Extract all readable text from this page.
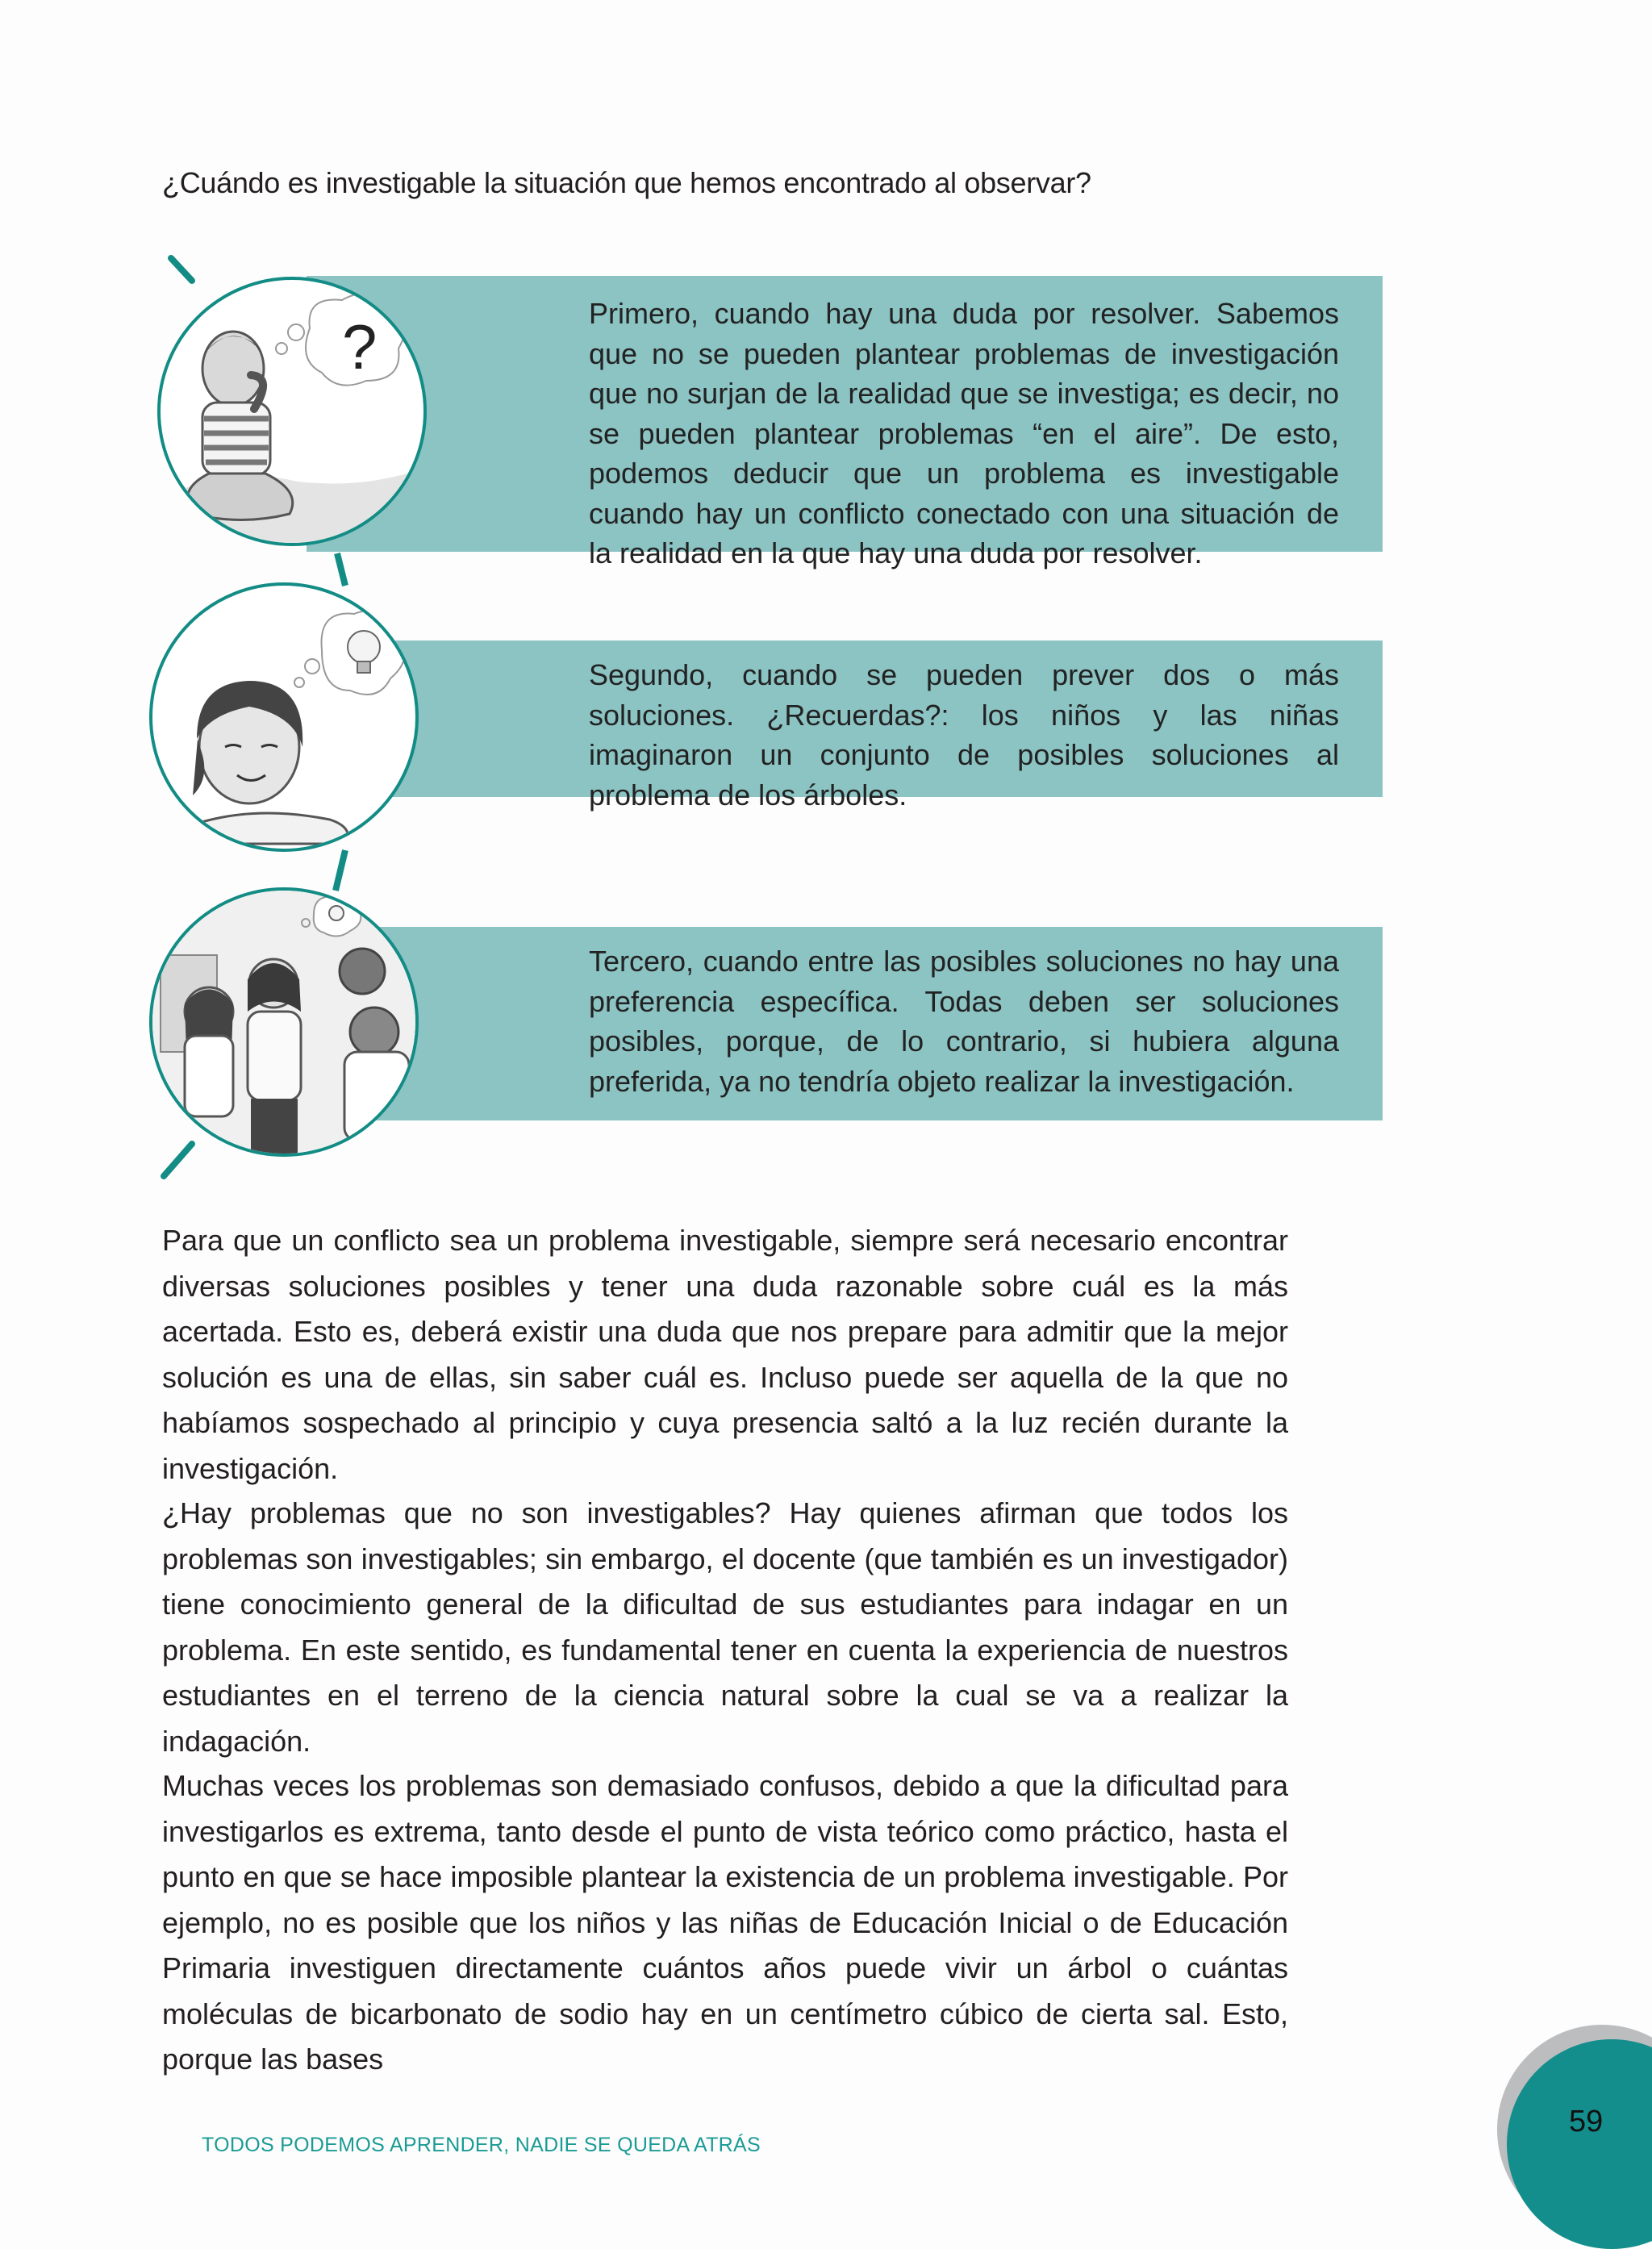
¿Cuándo es investigable la situación que hemos encontrado al observar?
Primero, cuando hay una duda por resolver. Sabemos que no se pueden plantear problemas de investigación que no surjan de la realidad que se investiga; es decir, no se pueden plantear problemas “en el aire”. De esto, podemos deducir que un problema es investigable cuando hay un conflicto conectado con una situación de la realidad en la que hay una duda por resolver.
?
Segundo, cuando se pueden prever dos o más soluciones. ¿Recuerdas?: los niños y las niñas imaginaron un conjunto de posibles soluciones al problema de los árboles.
Tercero, cuando entre las posibles soluciones no hay una preferencia específica. Todas deben ser soluciones posibles, porque, de lo contrario, si hubiera alguna preferida, ya no tendría objeto realizar la investigación.
Para que un conflicto sea un problema investigable, siempre será necesario encontrar diversas soluciones posibles y tener una duda razonable sobre cuál es la más acertada. Esto es, deberá existir una duda que nos prepare para admitir que la mejor solución es una de ellas, sin saber cuál es. Incluso puede ser aquella de la que no habíamos sospechado al principio y cuya presencia saltó a la luz recién durante la investigación.
¿Hay problemas que no son investigables? Hay quienes afirman que todos los problemas son investigables; sin embargo, el docente (que también es un investigador) tiene conocimiento general de la dificultad de sus estudiantes para indagar en un problema. En este sentido, es fundamental tener en cuenta la experiencia de nuestros estudiantes en el terreno de la ciencia natural sobre la cual se va a realizar la indagación.
Muchas veces los problemas son demasiado confusos, debido a que la dificultad para investigarlos es extrema, tanto desde el punto de vista teórico como práctico, hasta el punto en que se hace imposible plantear la existencia de un problema investigable. Por ejemplo, no es posible que los niños y las niñas de Educación Inicial o de Educación Primaria investiguen directamente cuántos años puede vivir un árbol o cuántas moléculas de bicarbonato de sodio hay en un centímetro cúbico de cierta sal. Esto, porque las bases
TODOS PODEMOS APRENDER, NADIE SE QUEDA ATRÁS
59
